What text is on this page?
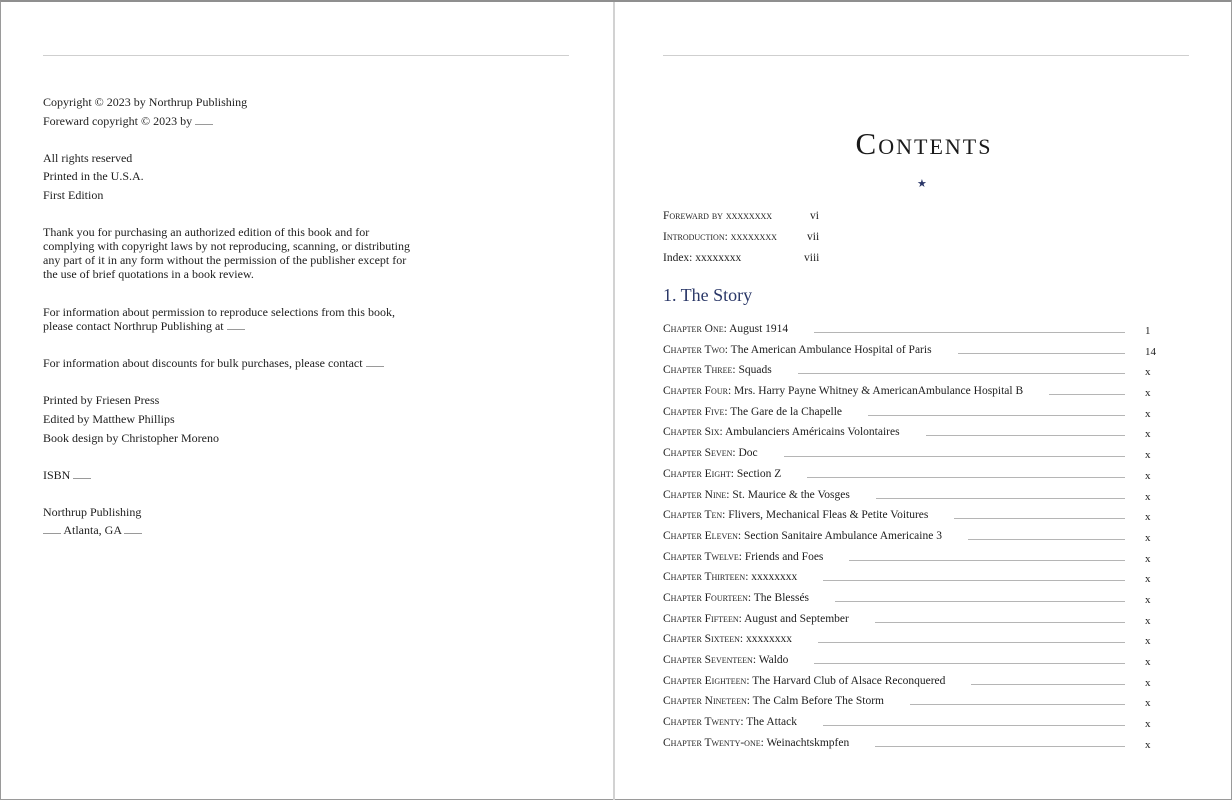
Copyright © 2023 by Northrup Publishing
Foreward copyright © 2023 by
All rights reserved
Printed in the U.S.A.
First Edition
Thank you for purchasing an authorized edition of this book and for complying with copyright laws by not reproducing, scanning, or distributing any part of it in any form without the permission of the publisher except for the use of brief quotations in a book review.
For information about permission to reproduce selections from this book, please contact Northrup Publishing at
For information about discounts for bulk purchases, please contact
Printed by Friesen Press
Edited by Matthew Phillips
Book design by Christopher Moreno
ISBN
Northrup Publishing
Atlanta, GA
Contents
★
Foreward by xxxxxxxx	vi
Introduction: xxxxxxxx	vii
Index: xxxxxxxx	viii
1. The Story
Chapter One: August 1914	1
Chapter Two: The American Ambulance Hospital of Paris	14
Chapter Three: Squads	x
Chapter Four: Mrs. Harry Payne Whitney & AmericanAmbulance Hospital B	x
Chapter Five: The Gare de la Chapelle	x
Chapter Six: Ambulanciers Américains Volontaires	x
Chapter Seven: Doc	x
Chapter Eight: Section Z	x
Chapter Nine: St. Maurice & the Vosges	x
Chapter Ten: Flivers, Mechanical Fleas & Petite Voitures	x
Chapter Eleven: Section Sanitaire Ambulance Americaine 3	x
Chapter Twelve: Friends and Foes	x
Chapter Thirteen: xxxxxxxx	x
Chapter Fourteen: The Blessés	x
Chapter Fifteen: August and September	x
Chapter Sixteen: xxxxxxxx	x
Chapter Seventeen: Waldo	x
Chapter Eighteen: The Harvard Club of Alsace Reconquered	x
Chapter Nineteen: The Calm Before The Storm	x
Chapter Twenty: The Attack	x
Chapter Twenty-one: Weinachtskmpfen	x
